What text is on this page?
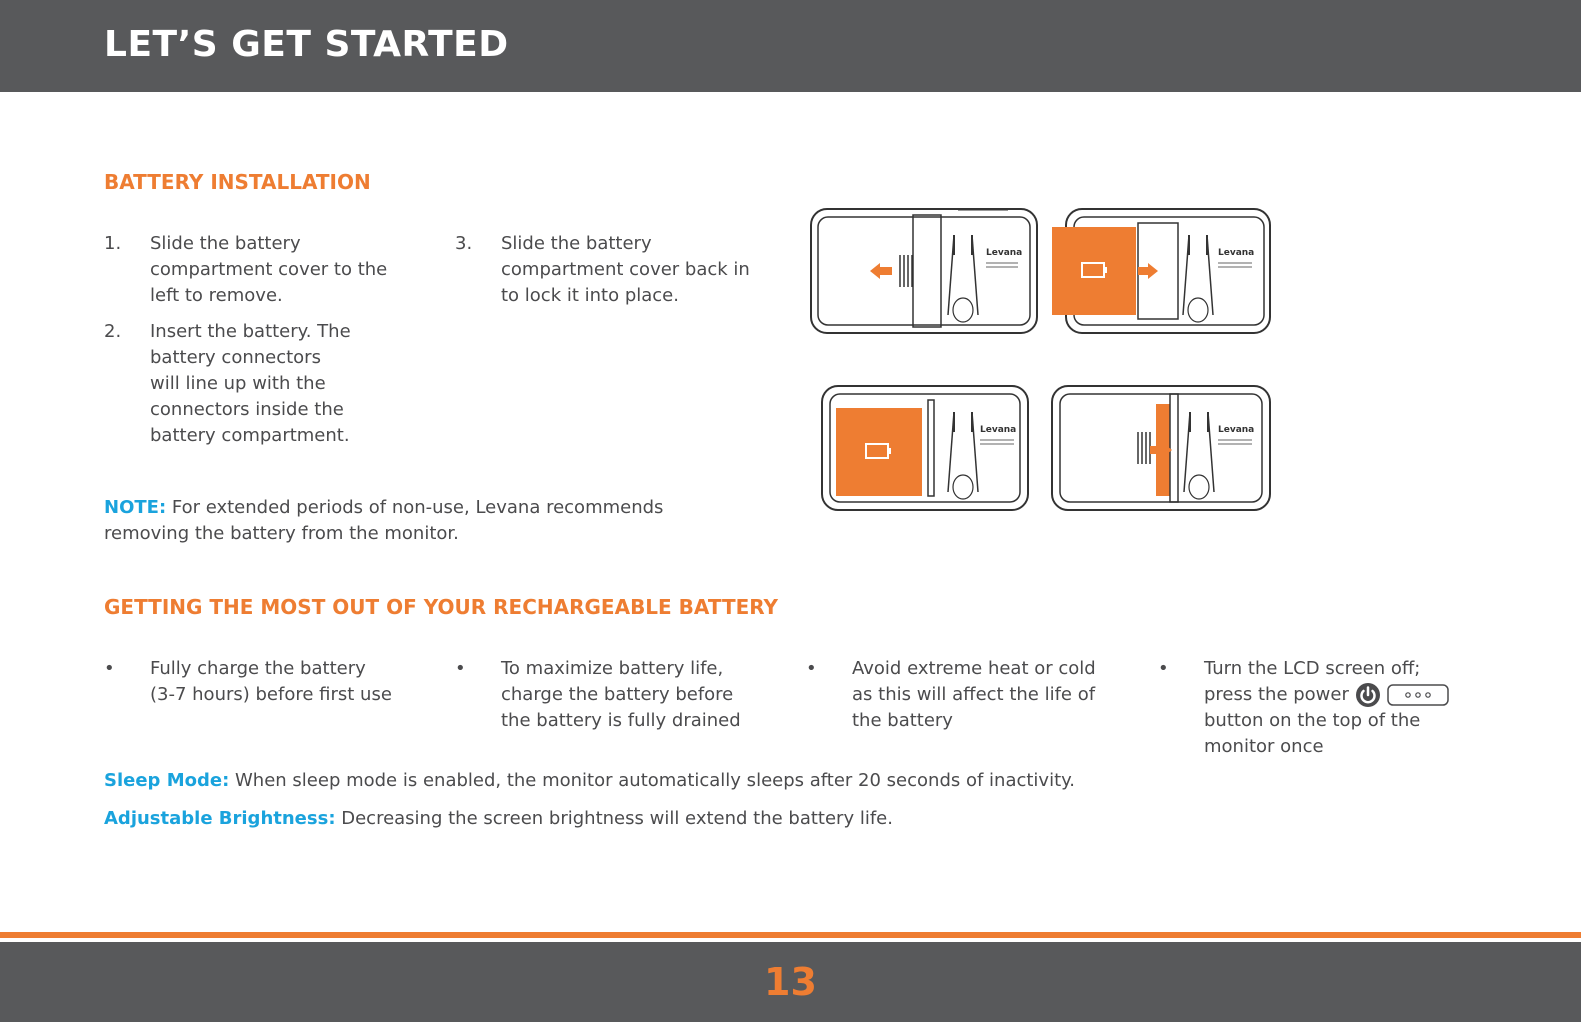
LET’S GET STARTED
BATTERY INSTALLATION
1. Slide the battery
compartment cover to the
left to remove.
2. Insert the battery. The
battery connectors
will line up with the
connectors inside the
battery compartment.
3. Slide the battery
compartment cover back in
to lock it into place.
NOTE: For extended periods of non-use, Levana recommends removing the battery from the monitor.
Levana	Levana
Levana	Levana
GETTING THE MOST OUT OF YOUR RECHARGEABLE BATTERY
• Fully charge the battery
(3-7 hours) before first use
• To maximize battery life,
charge the battery before
the battery is fully drained
• Avoid extreme heat or cold
as this will affect the life of
the battery
• Turn the LCD screen off;
press the power
button on the top of the
monitor once
Sleep Mode: When sleep mode is enabled, the monitor automatically sleeps after 20 seconds of inactivity.
Adjustable Brightness: Decreasing the screen brightness will extend the battery life.
13
